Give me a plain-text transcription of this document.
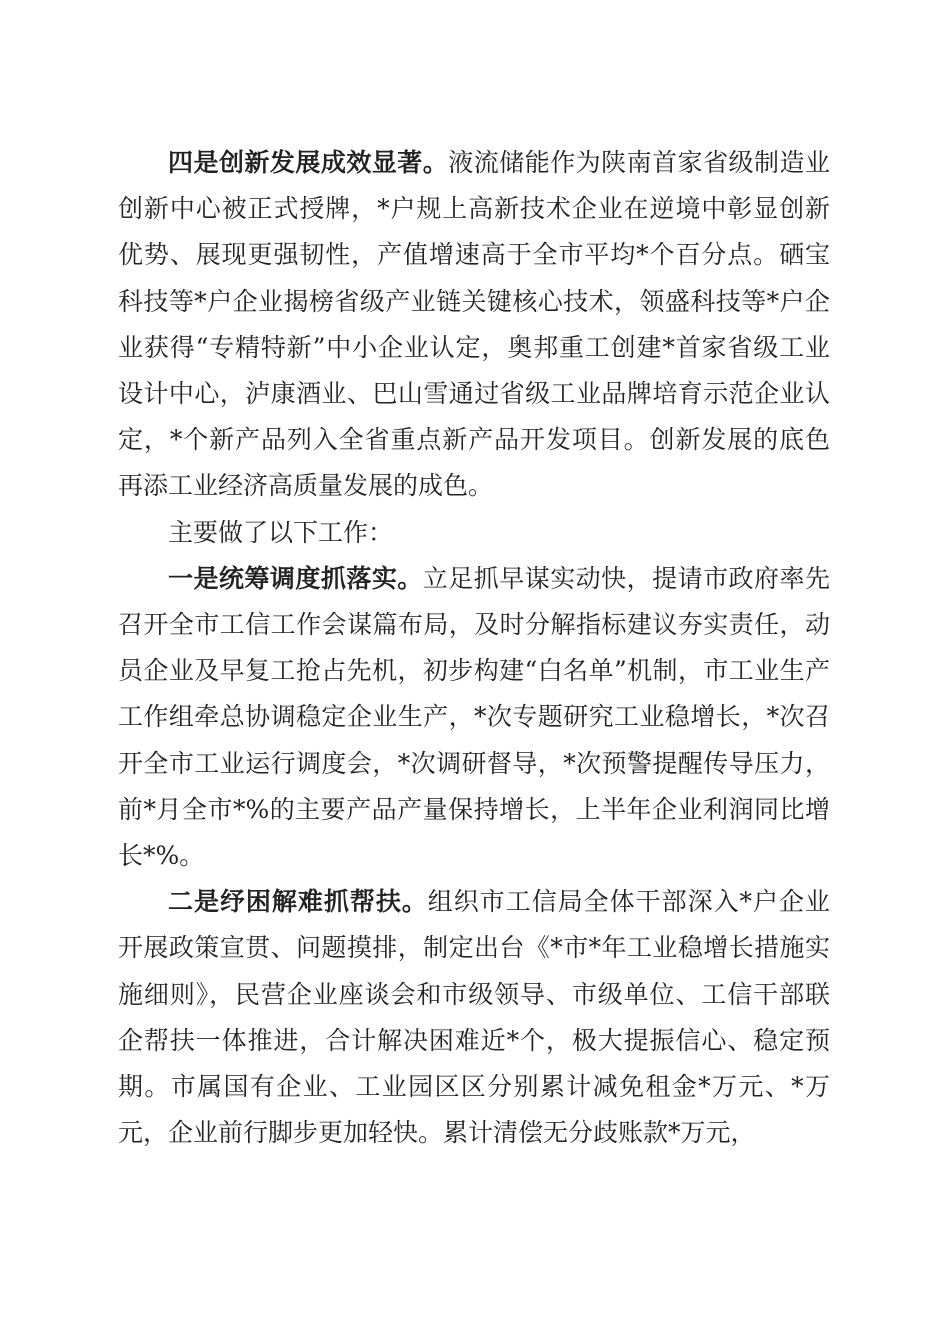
四是创新发展成效显著。液流储能作为陕南首家省级制造业创新中心被正式授牌，*户规上高新技术企业在逆境中彰显创新优势、展现更强韧性，产值增速高于全市平均*个百分点。硒宝科技等*户企业揭榜省级产业链关键核心技术，领盛科技等*户企业获得“专精特新”中小企业认定，奥邦重工创建*首家省级工业设计中心，泸康酒业、巴山雪通过省级工业品牌培育示范企业认定，*个新产品列入全省重点新产品开发项目。创新发展的底色再添工业经济高质量发展的成色。

主要做了以下工作：

一是统筹调度抓落实。立足抓早谋实动快，提请市政府率先召开全市工信工作会谋篇布局，及时分解指标建议夯实责任，动员企业及早复工抢占先机，初步构建“白名单”机制，市工业生产工作组牵总协调稳定企业生产，*次专题研究工业稳增长，*次召开全市工业运行调度会，*次调研督导，*次预警提醒传导压力，前*月全市*%的主要产品产量保持增长，上半年企业利润同比增长*%。

二是纾困解难抓帮扶。组织市工信局全体干部深入*户企业开展政策宣贯、问题摸排，制定出台《*市*年工业稳增长措施实施细则》，民营企业座谈会和市级领导、市级单位、工信干部联企帮扶一体推进，合计解决困难近*个，极大提振信心、稳定预期。市属国有企业、工业园区区分别累计减免租金*万元、*万元，企业前行脚步更加轻快。累计清偿无分歧账款*万元，
